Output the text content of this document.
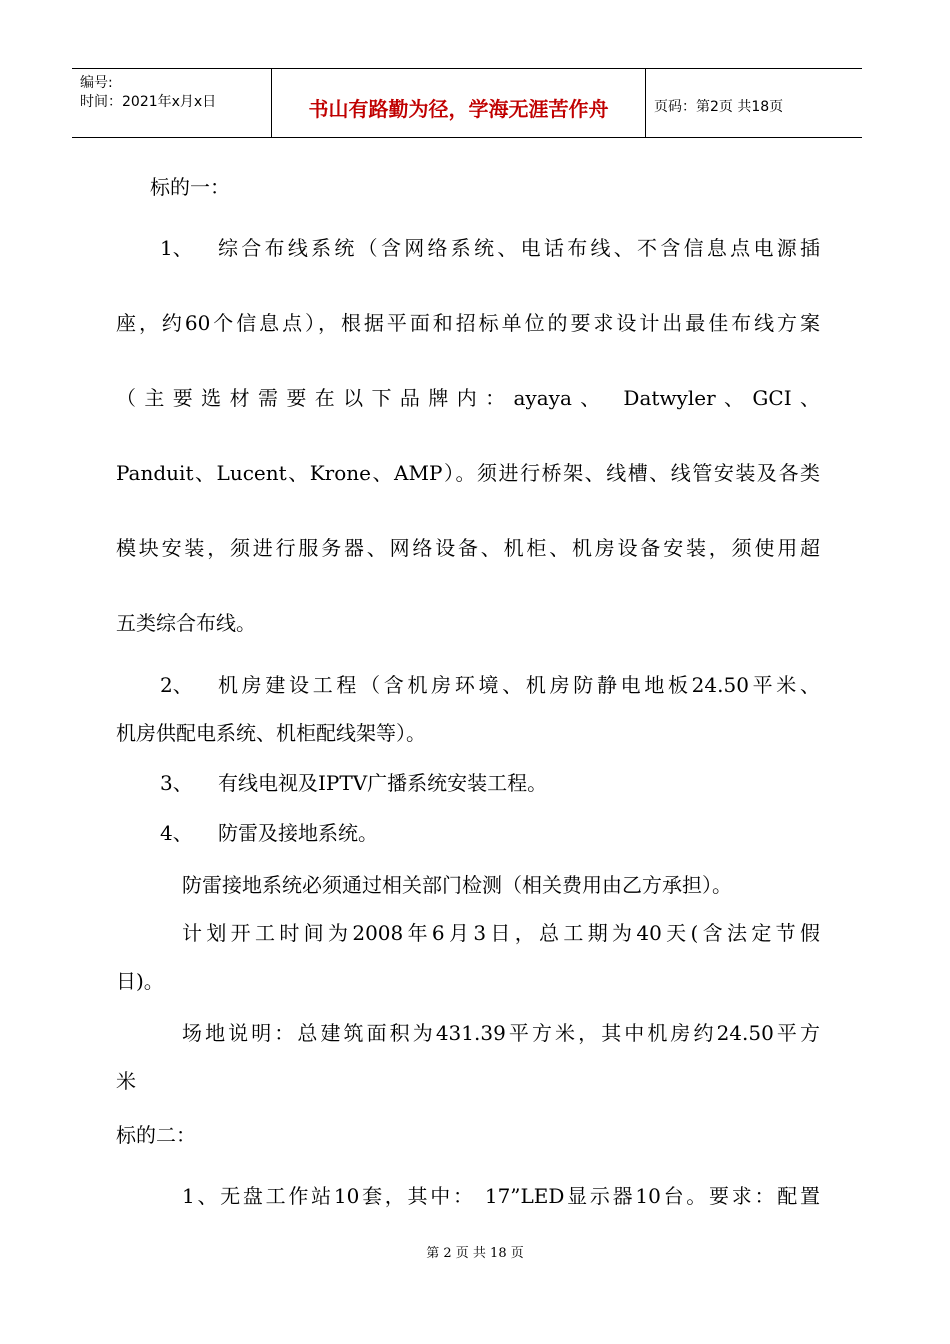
编号:
时间：2021年x月x日	书山有路勤为径，学海无涯苦作舟	页码：第2页 共18页
标的一：
1、 综合布线系统（含网络系统、电话布线、不含信息点电源插
座，约60个信息点），根据平面和招标单位的要求设计出最佳布线方案
（主要选材需要在以下品牌内：ayaya、 Datwyler、GCI、
Panduit、Lucent、Krone、AMP）。须进行桥架、线槽、线管安装及各类
模块安装，须进行服务器、网络设备、机柜、机房设备安装，须使用超
五类综合布线。
2、 机房建设工程（含机房环境、机房防静电地板24.50平米、
机房供配电系统、机柜配线架等）。
3、 有线电视及IPTV广播系统安装工程。
4、 防雷及接地系统。
防雷接地系统必须通过相关部门检测（相关费用由乙方承担）。
计划开工时间为2008年6月3日，总工期为40天(含法定节假
日)。
场地说明：总建筑面积为431.39平方米，其中机房约24.50平方
米
标的二：
1、无盘工作站10套，其中： 17”LED显示器10台。要求：配置
第 2 页 共 18 页
